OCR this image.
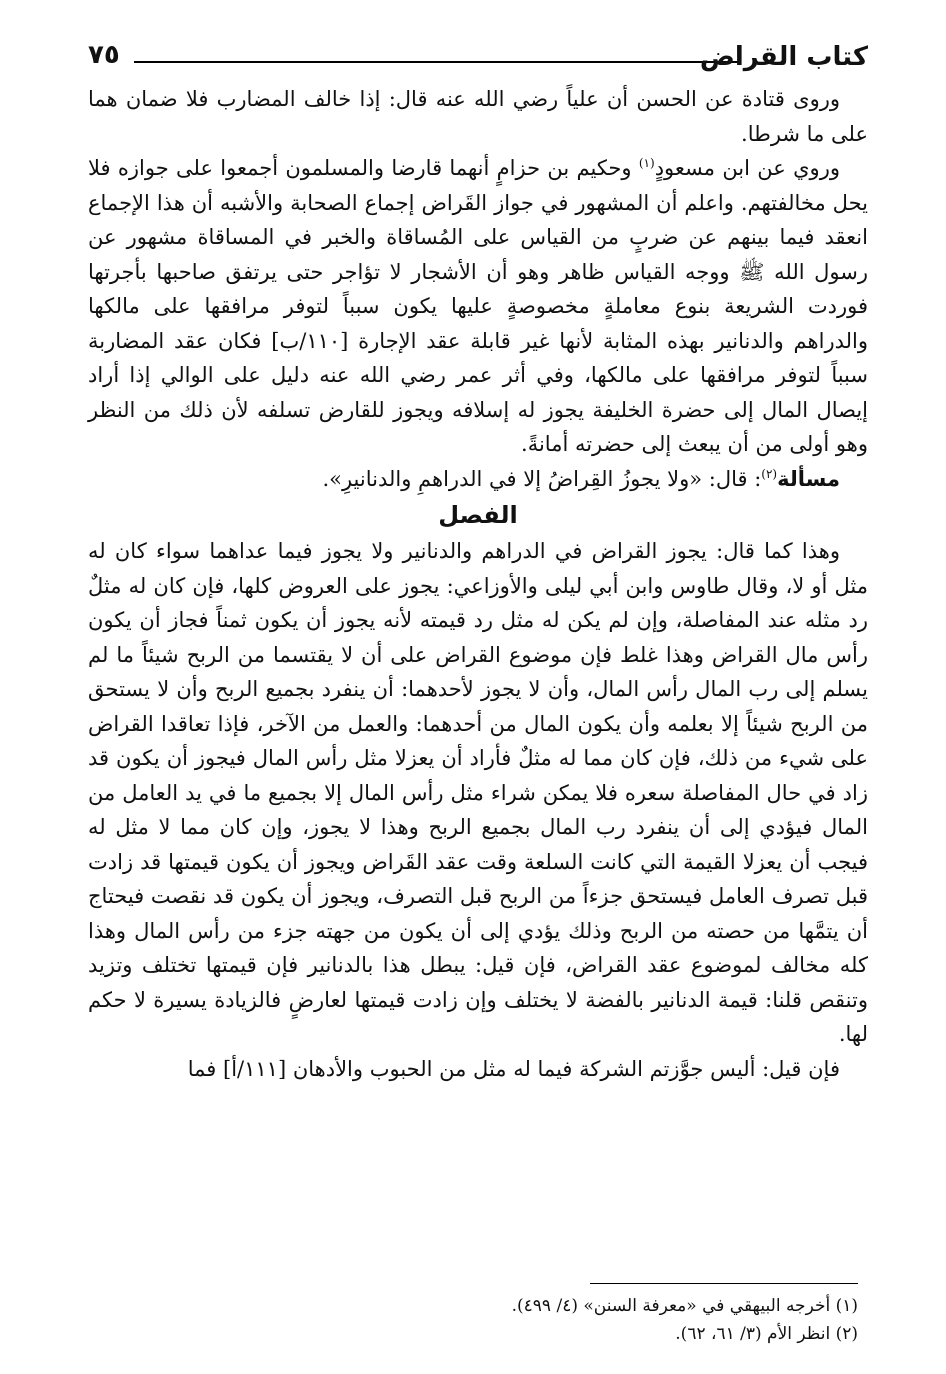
٧٥	كتاب القراض

وروى قتادة عن الحسن أن علياً رضي الله عنه قال: إذا خالف المضارب فلا ضمان هما على ما شرطا.

وروي عن ابن مسعودٍ$^{(١)}$ وحكيم بن حزامٍ أنهما قارضا والمسلمون أجمعوا على جوازه فلا يحل مخالفتهم. واعلم أن المشهور في جواز القَراض إجماع الصحابة والأشبه أن هذا الإجماع انعقد فيما بينهم عن ضربٍ من القياس على المُساقاة والخبر في المساقاة مشهور عن رسول الله ﷺ ووجه القياس ظاهر وهو أن الأشجار لا تؤاجر حتى يرتفق صاحبها بأجرتها فوردت الشريعة بنوع معاملةٍ مخصوصةٍ عليها يكون سبباً لتوفر مرافقها على مالكها والدراهم والدنانير بهذه المثابة لأنها غير قابلة عقد الإجارة [١١٠/ب] فكان عقد المضاربة سبباً لتوفر مرافقها على مالكها، وفي أثر عمر رضي الله عنه دليل على الوالي إذا أراد إيصال المال إلى حضرة الخليفة يجوز له إسلافه ويجوز للقارض تسلفه لأن ذلك من النظر وهو أولى من أن يبعث إلى حضرته أمانةً.

مسألة$^{(٢)}$: قال: «ولا يجوزُ القِراضُ إلا في الدراهمِ والدنانيرِ».

الفصل

وهذا كما قال: يجوز القراض في الدراهم والدنانير ولا يجوز فيما عداهما سواء كان له مثل أو لا، وقال طاوس وابن أبي ليلى والأوزاعي: يجوز على العروض كلها، فإن كان له مثلٌ رد مثله عند المفاصلة، وإن لم يكن له مثل رد قيمته لأنه يجوز أن يكون ثمناً فجاز أن يكون رأس مال القراض وهذا غلط فإن موضوع القراض على أن لا يقتسما من الربح شيئاً ما لم يسلم إلى رب المال رأس المال، وأن لا يجوز لأحدهما: أن ينفرد بجميع الربح وأن لا يستحق من الربح شيئاً إلا بعلمه وأن يكون المال من أحدهما: والعمل من الآخر، فإذا تعاقدا القراض على شيء من ذلك، فإن كان مما له مثلٌ فأراد أن يعزلا مثل رأس المال فيجوز أن يكون قد زاد في حال المفاصلة سعره فلا يمكن شراء مثل رأس المال إلا بجميع ما في يد العامل من المال فيؤدي إلى أن ينفرد رب المال بجميع الربح وهذا لا يجوز، وإن كان مما لا مثل له فيجب أن يعزلا القيمة التي كانت السلعة وقت عقد القَراض ويجوز أن يكون قيمتها قد زادت قبل تصرف العامل فيستحق جزءاً من الربح قبل التصرف، ويجوز أن يكون قد نقصت فيحتاج أن يتمَّها من حصته من الربح وذلك يؤدي إلى أن يكون من جهته جزء من رأس المال وهذا كله مخالف لموضوع عقد القراض، فإن قيل: يبطل هذا بالدنانير فإن قيمتها تختلف وتزيد وتنقص قلنا: قيمة الدنانير بالفضة لا يختلف وإن زادت قيمتها لعارضٍ فالزيادة يسيرة لا حكم لها.

فإن قيل: أليس جوَّزتم الشركة فيما له مثل من الحبوب والأدهان [١١١/أ] فما

(١) أخرجه البيهقي في «معرفة السنن» (٤/ ٤٩٩).

(٢) انظر الأم (٣/ ٦١، ٦٢).
